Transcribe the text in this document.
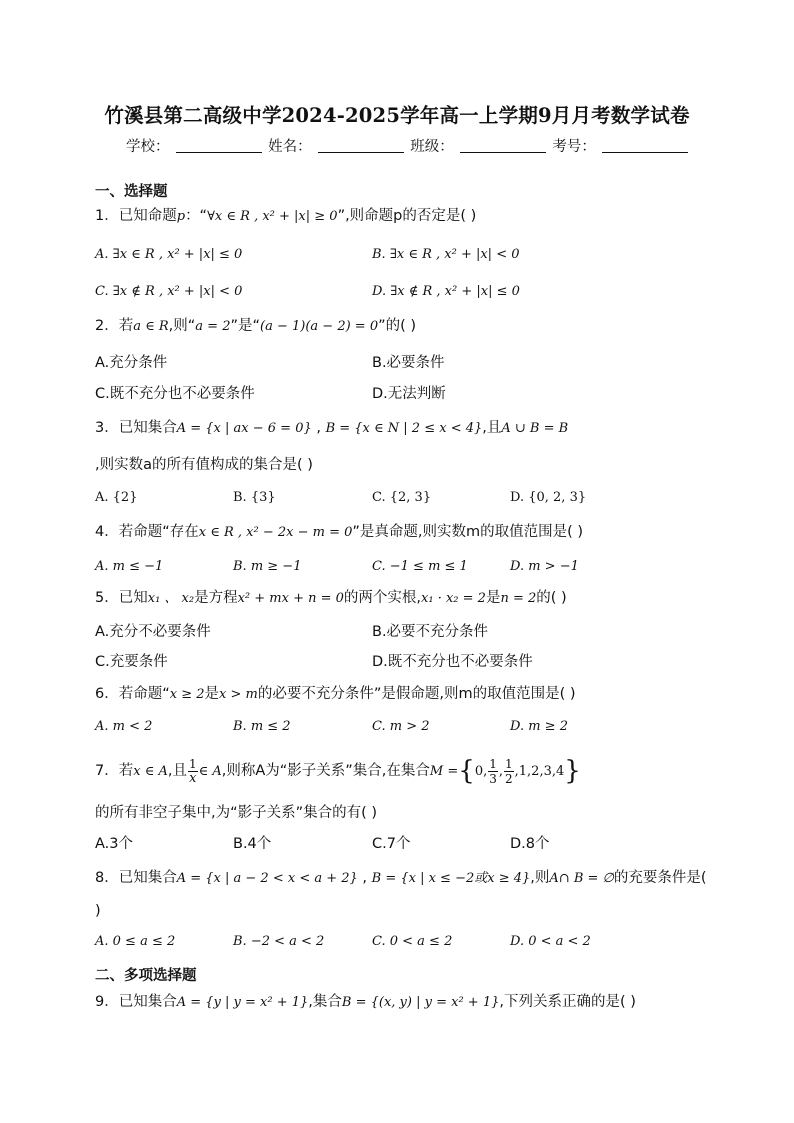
竹溪县第二高级中学2024-2025学年高一上学期9月月考数学试卷
学校：	姓名：	班级：	考号：
一、选择题
1．已知命题p：“∀x ∈ R , x² + |x| ≥ 0”,则命题p的否定是( )
A. ∃x ∈ R , x² + |x| ≤ 0	B. ∃x ∈ R , x² + |x| < 0
C. ∃x ∉ R , x² + |x| < 0	D. ∃x ∉ R , x² + |x| ≤ 0
2．若a ∈ R,则“a = 2”是“(a − 1)(a − 2) = 0”的( )
A.充分条件	B.必要条件
C.既不充分也不必要条件	D.无法判断
3．已知集合A = {x | ax − 6 = 0} , B = {x ∈ N | 2 ≤ x < 4},且A ∪ B = B
,则实数a的所有值构成的集合是( )
A. {2}	B. {3}	C. {2, 3}	D. {0, 2, 3}
4．若命题“存在x ∈ R , x² − 2x − m = 0”是真命题,则实数m的取值范围是( )
A. m ≤ −1	B. m ≥ −1	C. −1 ≤ m ≤ 1	D. m > −1
5．已知x₁ 、 x₂是方程x² + mx + n = 0的两个实根,x₁ · x₂ = 2是n = 2的( )
A.充分不必要条件	B.必要不充分条件
C.充要条件	D.既不充分也不必要条件
6．若命题“x ≥ 2是x > m的必要不充分条件”是假命题,则m的取值范围是( )
A. m < 2	B. m ≤ 2	C. m > 2	D. m ≥ 2
7．若x ∈ A,且 $\frac{1}{x}$ ∈ A,则称A为“影子关系”集合,在集合M ={0, $\frac{1}{3}$ , $\frac{1}{2} ,1,2,3,4$}
的所有非空子集中,为“影子关系”集合的有( )
A.3个	B.4个	C.7个	D.8个
8．已知集合A = {x | a − 2 < x < a + 2} , B = {x | x ≤ −2或x ≥ 4},则A∩ B = ∅的充要条件是(
)
A. 0 ≤ a ≤ 2	B. −2 < a < 2	C. 0 < a ≤ 2	D. 0 < a < 2
二、多项选择题
9．已知集合A = {y | y = x² + 1},集合B = {(x, y) | y = x² + 1},下列关系正确的是( )
